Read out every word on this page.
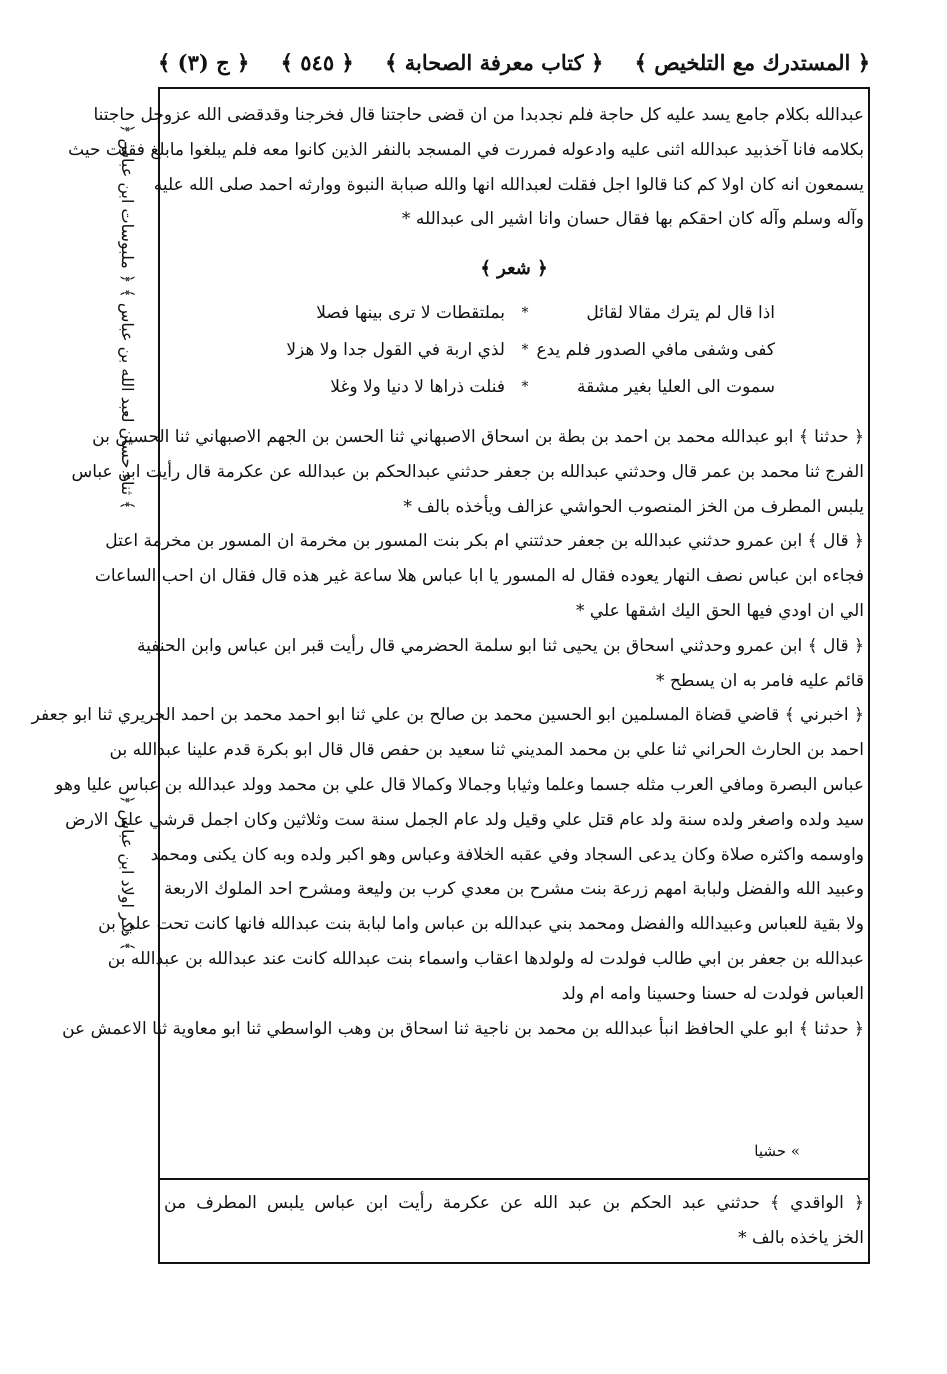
﴿ المستدرك مع التلخيص ﴾
﴿ كتاب معرفة الصحابة ﴾
﴿ ٥٤٥ ﴾
﴿ ج (٣) ﴾
عبدالله بكلام جامع يسد عليه كل حاجة فلم نجدبدا من ان قضى حاجتنا قال فخرجنا وقدقضى الله عزوجل حاجتنا
بكلامه فانا آخذبيد عبدالله اثنى عليه وادعوله فمررت في المسجد بالنفر الذين كانوا معه فلم يبلغوا مابلغ فقلت حيث
يسمعون انه كان اولا كم كنا قالوا اجل فقلت لعبدالله انها والله صبابة النبوة ووارثه احمد صلى الله عليه
وآله وسلم وآله كان احقكم بها فقال حسان وانا اشير الى عبدالله *
﴿ شعر ﴾
اذا قال لم يترك مقالا لقائل
*
بملتقطات لا ترى بينها فصلا
كفى وشفى مافي الصدور فلم يدع
*
لذي اربة في القول جدا ولا هزلا
سموت الى العليا بغير مشقة
*
فنلت ذراها لا دنيا ولا وغلا
﴿ حدثنا ﴾ ابو عبدالله محمد بن احمد بن بطة بن اسحاق الاصبهاني ثنا الحسن بن الجهم الاصبهاني ثنا الحسين بن
الفرج ثنا محمد بن عمر قال وحدثني عبدالله بن جعفر حدثني عبدالحكم بن عبدالله عن عكرمة قال رأيت ابن عباس
يلبس المطرف من الخز المنصوب الحواشي عزالف ويأخذه بالف *
﴿ قال ﴾ ابن عمرو حدثني عبدالله بن جعفر حدثتني ام بكر بنت المسور بن مخرمة ان المسور بن مخرمة اعتل
فجاءه ابن عباس نصف النهار يعوده فقال له المسور يا ابا عباس هلا ساعة غير هذه قال فقال ان احب الساعات
الي ان اودي فيها الحق اليك اشقها علي *
﴿ قال ﴾ ابن عمرو وحدثني اسحاق بن يحيى ثنا ابو سلمة الحضرمي قال رأيت قبر ابن عباس وابن الحنفية
قائم عليه فامر به ان يسطح *
﴿ اخبرني ﴾ قاضي قضاة المسلمين ابو الحسين محمد بن صالح بن علي ثنا ابو احمد محمد بن احمد الجريري ثنا ابو جعفر
احمد بن الحارث الحراني ثنا علي بن محمد المديني ثنا سعيد بن حفص قال قال ابو بكرة قدم علينا عبدالله بن
عباس البصرة ومافي العرب مثله جسما وعلما وثيابا وجمالا وكمالا قال علي بن محمد وولد عبدالله بن عباس عليا وهو
سيد ولده واصغر ولده سنة ولد عام قتل علي وقيل ولد عام الجمل سنة ست وثلاثين وكان اجمل قرشي على الارض
واوسمه واكثره صلاة وكان يدعى السجاد وفي عقبه الخلافة وعباس وهو اكبر ولده وبه كان يكنى ومحمد
وعبيد الله والفضل ولبابة امهم زرعة بنت مشرح بن معدي كرب بن وليعة ومشرح احد الملوك الاربعة
ولا بقية للعباس وعبيدالله والفضل ومحمد بني عبدالله بن عباس واما لبابة بنت عبدالله فانها كانت تحت علي بن
عبدالله بن جعفر بن ابي طالب فولدت له ولولدها اعقاب واسماء بنت عبدالله كانت عند عبدالله بن عبدالله بن
العباس فولدت له حسنا وحسينا وامه ام ولد
﴿ حدثنا ﴾ ابو علي الحافظ انبأ عبدالله بن محمد بن ناجية ثنا اسحاق بن وهب الواسطي ثنا ابو معاوية ثنا الاعمش عن
» حشيا
﴿ الواقدي ﴾ حدثني عبد الحكم بن عبد الله عن عكرمة رأيت ابن عباس يلبس المطرف من
الخز ياخذه بالف *
﴿ ثناء حسان لعبد الله بن عباس ﴾ ﴿ ملبوسات ابن عباس ﴾
﴿ ذكر اولاد ابن عباس ﴾
